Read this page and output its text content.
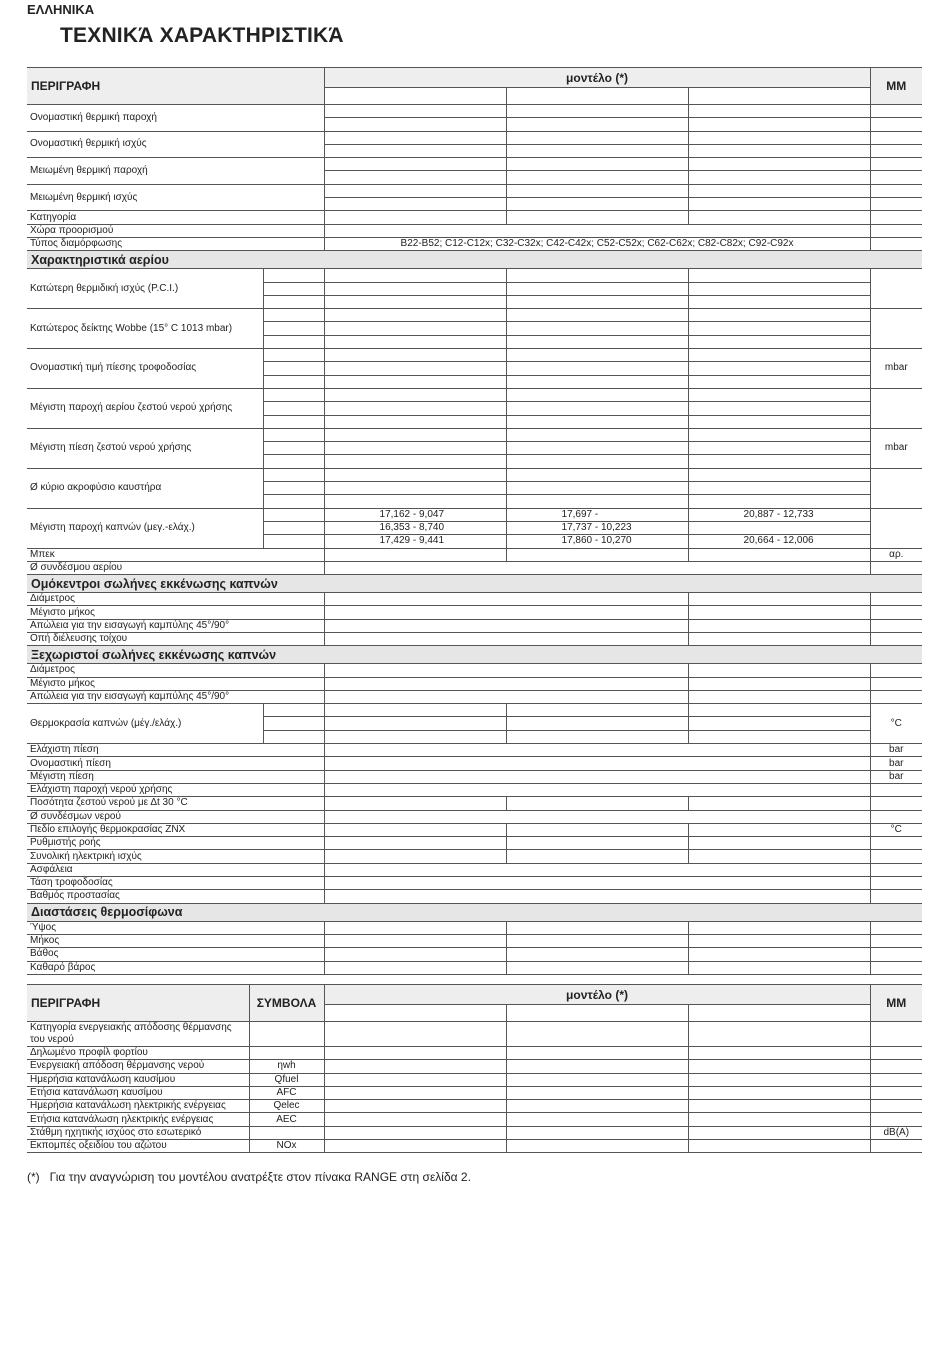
ΕΛΛΗΝΙΚΑ
ΤΕΧΝΙΚΆ ΧΑΡΑΚΤΗΡΙΣΤΙΚΆ
ΠΕΡΙΓΡΑΦΗ		μοντέλο (*)			ΜΜ

Ονομαστική θερμική παροχή					

Ονομαστική θερμική ισχύς					

Μειωμένη θερμική παροχή					

Μειωμένη θερμική ισχύς					

Κατηγορία					
Χώρα προορισμού					
Τύπος διαμόρφωσης		B22-B52; C12-C12x; C32-C32x; C42-C42x; C52-C52x; C62-C62x; C82-C82x; C92-C92x			
Χαρακτηριστικά αερίου					
Κατώτερη θερμιδική ισχύς (P.C.I.)					

Κατώτερος δείκτης Wobbe (15° C 1013 mbar)					

Ονομαστική τιμή πίεσης τροφοδοσίας					mbar

Μέγιστη παροχή αερίου ζεστού νερού χρήσης					

Μέγιστη πίεση ζεστού νερού χρήσης					mbar

Ø κύριο ακροφύσιο καυστήρα					

Μέγιστη παροχή καπνών (μεγ.-ελάχ.)		17,162 - 9,047	17,697 -	20,887 - 12,733	
		16,353 - 8,740	17,737 - 10,223		
		17,429 - 9,441	17,860 - 10,270	20,664 - 12,006	
Μπεκ					αρ.
Ø συνδέσμου αερίου					
Ομόκεντροι σωλήνες εκκένωσης καπνών					
Διάμετρος					
Μέγιστο μήκος					
Απώλεια για την εισαγωγή καμπύλης 45°/90°					
Οπή διέλευσης τοίχου					
Ξεχωριστοί σωλήνες εκκένωσης καπνών					
Διάμετρος					
Μέγιστο μήκος					
Απώλεια για την εισαγωγή καμπύλης 45°/90°					
Θερμοκρασία καπνών (μέγ./ελάχ.)					°C

Ελάχιστη πίεση					bar
Ονομαστική πίεση					bar
Μέγιστη πίεση					bar
Ελάχιστη παροχή νερού χρήσης					
Ποσότητα ζεστού νερού με Δt 30 °C					
Ø συνδέσμων νερού					
Πεδίο επιλογής θερμοκρασίας ZNX					°C
Ρυθμιστής ροής					
Συνολική ηλεκτρική ισχύς					
Ασφάλεια					
Τάση τροφοδοσίας					
Βαθμός προστασίας					
Διαστάσεις θερμοσίφωνα					
Ύψος					
Μήκος					
Βάθος					
Καθαρό βάρος					
ΠΕΡΙΓΡΑΦΗ	ΣΥΜΒΟΛΑ	μοντέλο (*)			ΜΜ

Κατηγορία ενεργειακής απόδοσης θέρμανσης του νερού					
Δηλωμένο προφίλ φορτίου					
Ενεργειακή απόδοση θέρμανσης νερού	ηwh				
Ημερήσια κατανάλωση καυσίμου	Qfuel				
Ετήσια κατανάλωση καυσίμου	AFC				
Ημερήσια κατανάλωση ηλεκτρικής ενέργειας	Qelec				
Ετήσια κατανάλωση ηλεκτρικής ενέργειας	AEC				
Στάθμη ηχητικής ισχύος στο εσωτερικό					dB(A)
Εκπομπές οξειδίου του αζώτου	NOx				
(*) Για την αναγνώριση του μοντέλου ανατρέξτε στον πίνακα RANGE στη σελίδα 2.
